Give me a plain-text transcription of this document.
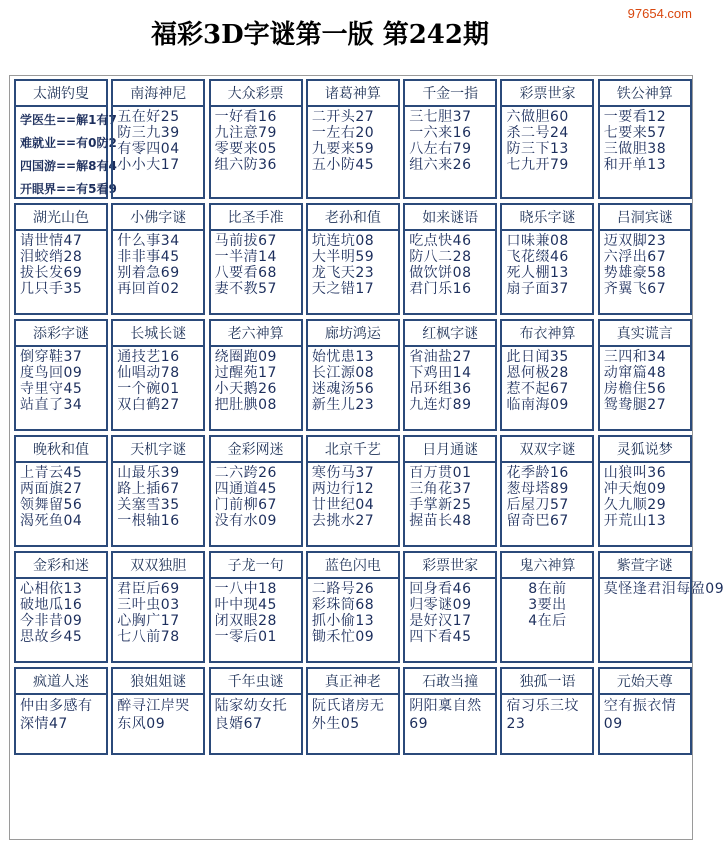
97654.com
福彩3D字谜第一版 第242期
太湖钓叟
学医生==解1有7
难就业==有0防2
四国游==解8有4
开眼界==有5看9
南海神尼
五在好25
防三九39
有零四04
小小大17
大众彩票
一好看16
九注意79
零要来05
组六防36
诸葛神算
二开头27
一左右20
九要来59
五小防45
千金一指
三七胆37
一六来16
八左右79
组六来26
彩票世家
六做胆60
杀二号24
防三下13
七九开79
铁公神算
一要看12
七要来57
三做胆38
和开单13
湖光山色
请世情47
泪蛟绡28
拔长发69
几只手35
小佛字谜
什么事34
非非事45
别着急69
再回首02
比圣手准
马前拔67
一半清14
八要看68
妻不教57
老孙和值
坑连坑08
大半明59
龙飞天23
天之错17
如来谜语
吃点快46
防八二28
做饮饼08
君门乐16
晓乐字谜
口味兼08
飞花缀46
死人棚13
扇子面37
吕洞宾谜
迈双脚23
六浮出67
势雄豪58
齐翼飞67
添彩字谜
倒穿鞋37
度鸟回09
寺里守45
站直了34
长城长谜
通技艺16
仙唱动78
一个碗01
双白鹤27
老六神算
绕圈跑09
过醒苑17
小天鹅26
把肚腆08
廊坊鸿运
始忧患13
长江源08
迷魂汤56
新生儿23
红枫字谜
省油盐27
下鸡田14
吊环组36
九连灯89
布衣神算
此日闻35
恩何极28
惹不起67
临南海09
真实谎言
三四和34
动窜篇48
房檐住56
鸳鸯腿27
晚秋和值
上青云45
两面旗27
领舞留56
渴死鱼04
天机字谜
山最乐39
路上插67
关塞雪35
一根轴16
金彩网迷
二六跨26
四通道45
门前柳67
没有水09
北京千艺
寒伤马37
两边行12
廿世纪04
去挑水27
日月通谜
百万贯01
三角花37
手掌新25
握苗长48
双双字谜
花季龄16
葱母塔89
后屋刀57
留奇巴67
灵狐说梦
山狼叫36
冲天炮09
久九顺29
开荒山13
金彩和迷
心相依13
破地瓜16
今非昔09
思故乡45
双双独胆
君臣后69
三叶虫03
心胸广17
七八前78
子龙一句
一八中18
叶中现45
闭双眼28
一零后01
蓝色闪电
二路号26
彩珠筒68
抓小偷13
锄禾忙09
彩票世家
回身看46
归零谜09
是好汉17
四下看45
鬼六神算
8在前
3要出
4在后
紫萱字谜
莫怪逢君泪每盈09
疯道人迷
仲由多感有深情47
狼姐姐谜
醉寻江岸哭东风09
千年虫谜
陆家幼女托良婿67
真正神老
阮氏诸房无外生05
石敢当撞
阴阳稟自然69
独孤一语
宿习乐三坟23
元始天尊
空有振衣情09
